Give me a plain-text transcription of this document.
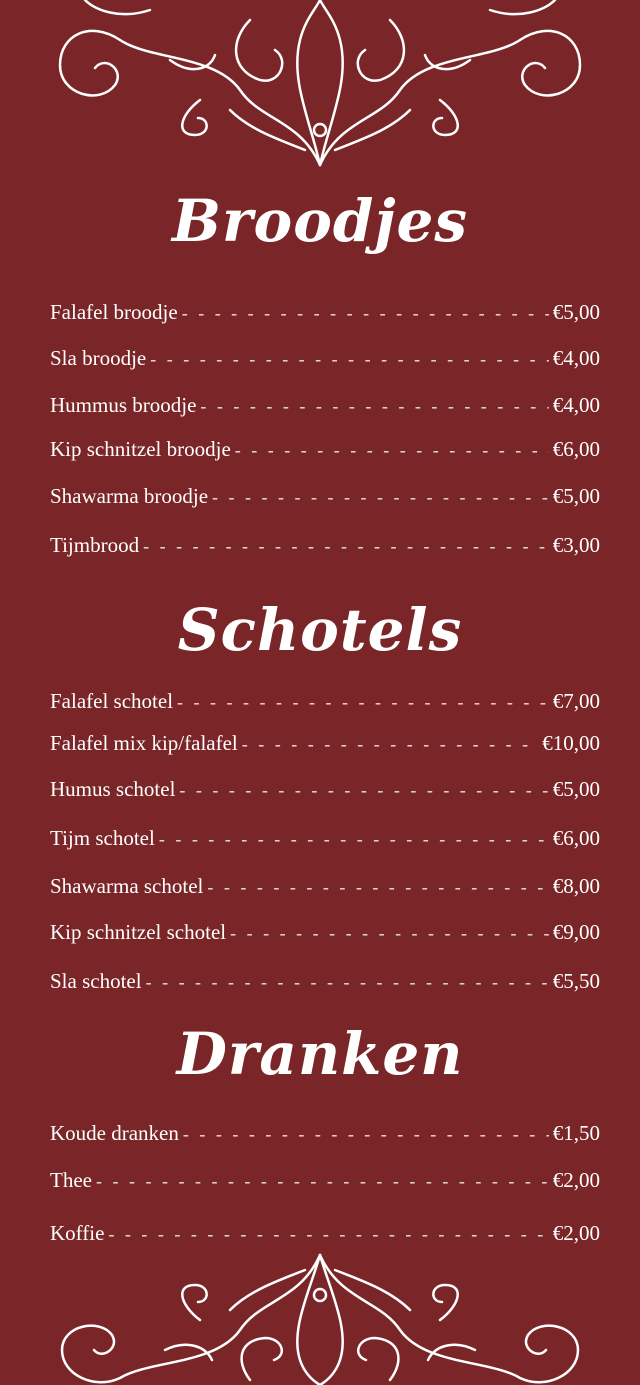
Broodjes
Falafel broodje - - -	€5,00
Sla broodje - - -	€4,00
Hummus broodje - - -	€4,00
Kip schnitzel broodje - - -	€6,00
Shawarma broodje - - -	€5,00
Tijmbrood - - -	€3,00
Schotels
Falafel schotel - - -	€7,00
Falafel mix kip/falafel - - -	€10,00
Humus schotel - - -	€5,00
Tijm schotel - - -	€6,00
Shawarma schotel - - -	€8,00
Kip schnitzel schotel - - -	€9,00
Sla schotel - - -	€5,50
Dranken
Koude dranken - - -	€1,50
Thee - - -	€2,00
Koffie - - -	€2,00
